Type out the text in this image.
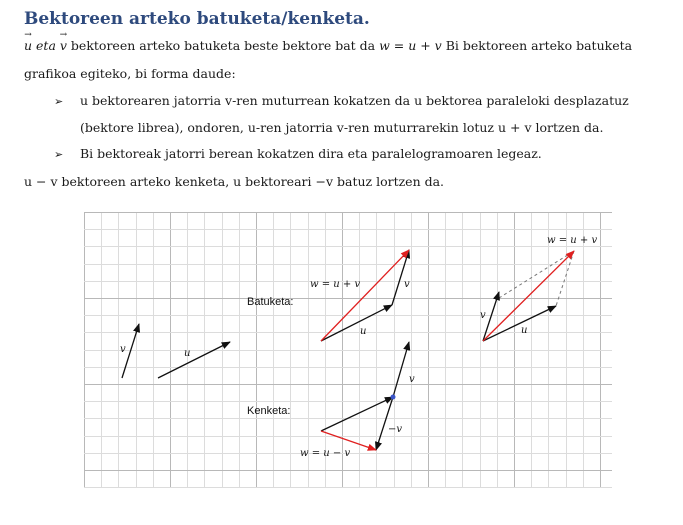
Bektoreen arteko batuketa/kenketa.
→ u eta → v bektoreen arteko batuketa beste bektore bat da w = u + v Bi bektoreen arteko batuketa
grafikoa egiteko, bi forma daude:
➢ u bektorearen jatorria v-ren muturrean kokatzen da u bektorea paraleloki desplazatuz
(bektore librea), ondoren, u-ren jatorria v-ren muturrarekin lotuz u + v lortzen da.
➢ Bi bektoreak jatorri berean kokatzen dira eta paralelogramoaren legeaz.
u − v bektoreen arteko kenketa, u bektoreari −v batuz lortzen da.
v	u
Batuketa:
w = u + v	v
u
w = u + v
v
u
Kenketa:
v
−v
w = u − v
